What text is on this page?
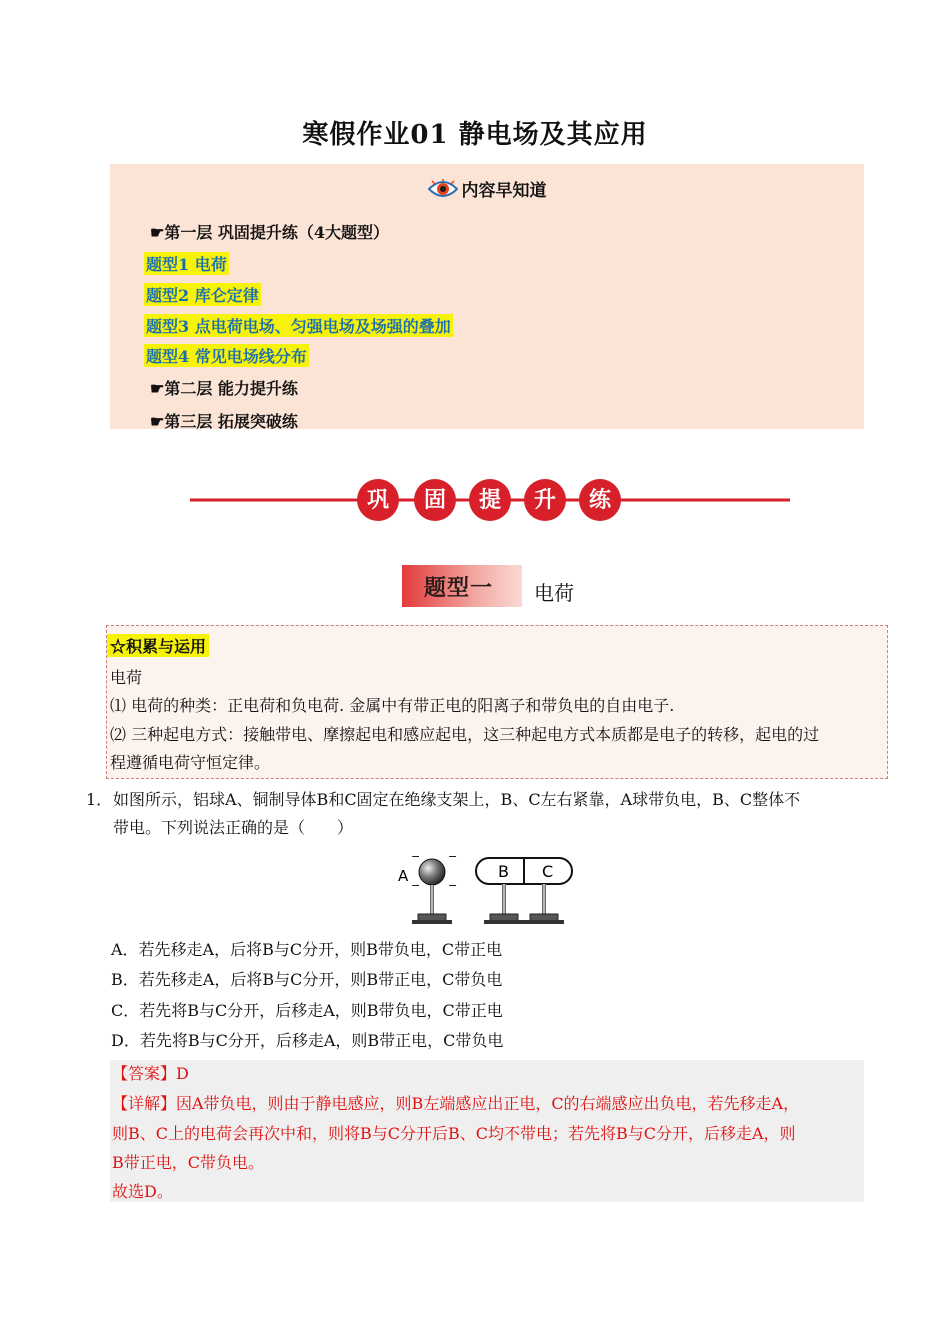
寒假作业01 静电场及其应用
内容早知道
☛第一层 巩固提升练（4大题型）
题型1 电荷
题型2 库仑定律
题型3 点电荷电场、匀强电场及场强的叠加
题型4 常见电场线分布
☛第二层 能力提升练
☛第三层 拓展突破练
巩 固 提 升 练
题型一 电荷
☆积累与运用
电荷
⑴ 电荷的种类：正电荷和负电荷. 金属中有带正电的阳离子和带负电的自由电子.
⑵ 三种起电方式：接触带电、摩擦起电和感应起电，这三种起电方式本质都是电子的转移，起电的过
程遵循电荷守恒定律。
1． 如图所示，铝球A、铜制导体B和C固定在绝缘支架上，B、C左右紧靠，A球带负电，B、C整体不
带电。下列说法正确的是（　　）
−	−
−	−
A	B C
A．若先移走A，后将B与C分开，则B带负电，C带正电
B．若先移走A，后将B与C分开，则B带正电，C带负电
C．若先将B与C分开，后移走A，则B带负电，C带正电
D．若先将B与C分开，后移走A，则B带正电，C带负电
【答案】D
【详解】因A带负电，则由于静电感应，则B左端感应出正电，C的右端感应出负电，若先移走A，
则B、C上的电荷会再次中和，则将B与C分开后B、C均不带电；若先将B与C分开，后移走A，则
B带正电，C带负电。
故选D。
